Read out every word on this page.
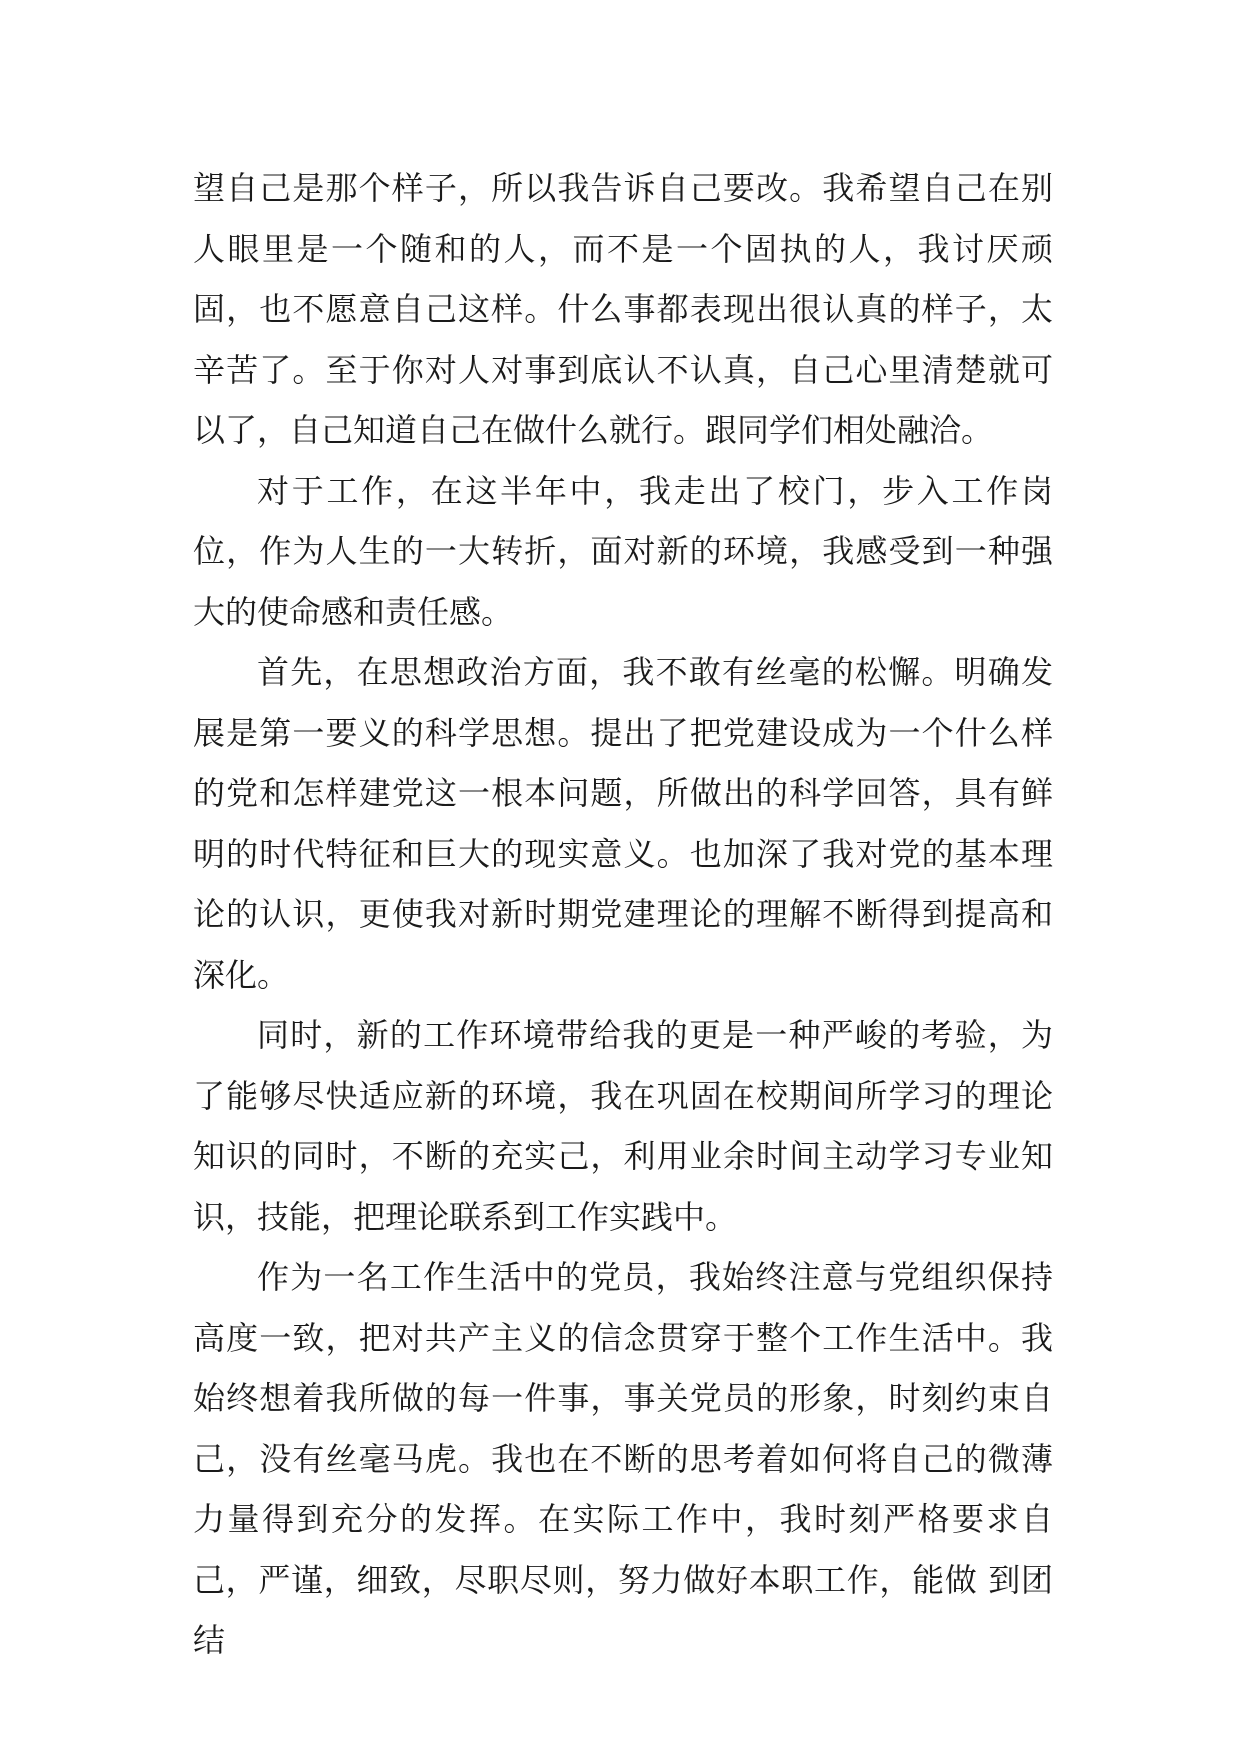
望自己是那个样子，所以我告诉自己要改。我希望自己在别人眼里是一个随和的人，而不是一个固执的人，我讨厌顽固，也不愿意自己这样。什么事都表现出很认真的样子，太辛苦了。至于你对人对事到底认不认真，自己心里清楚就可以了，自己知道自己在做什么就行。跟同学们相处融洽。

对于工作，在这半年中，我走出了校门，步入工作岗位，作为人生的一大转折，面对新的环境，我感受到一种强大的使命感和责任感。

首先，在思想政治方面，我不敢有丝毫的松懈。明确发展是第一要义的科学思想。提出了把党建设成为一个什么样的党和怎样建党这一根本问题，所做出的科学回答，具有鲜明的时代特征和巨大的现实意义。也加深了我对党的基本理论的认识，更使我对新时期党建理论的理解不断得到提高和深化。

同时，新的工作环境带给我的更是一种严峻的考验，为了能够尽快适应新的环境，我在巩固在校期间所学习的理论知识的同时，不断的充实己，利用业余时间主动学习专业知识，技能，把理论联系到工作实践中。

作为一名工作生活中的党员，我始终注意与党组织保持高度一致，把对共产主义的信念贯穿于整个工作生活中。我始终想着我所做的每一件事，事关党员的形象，时刻约束自己，没有丝毫马虎。我也在不断的思考着如何将自己的微薄力量得到充分的发挥。在实际工作中，我时刻严格要求自己，严谨，细致，尽职尽则，努力做好本职工作，能做 到团结
